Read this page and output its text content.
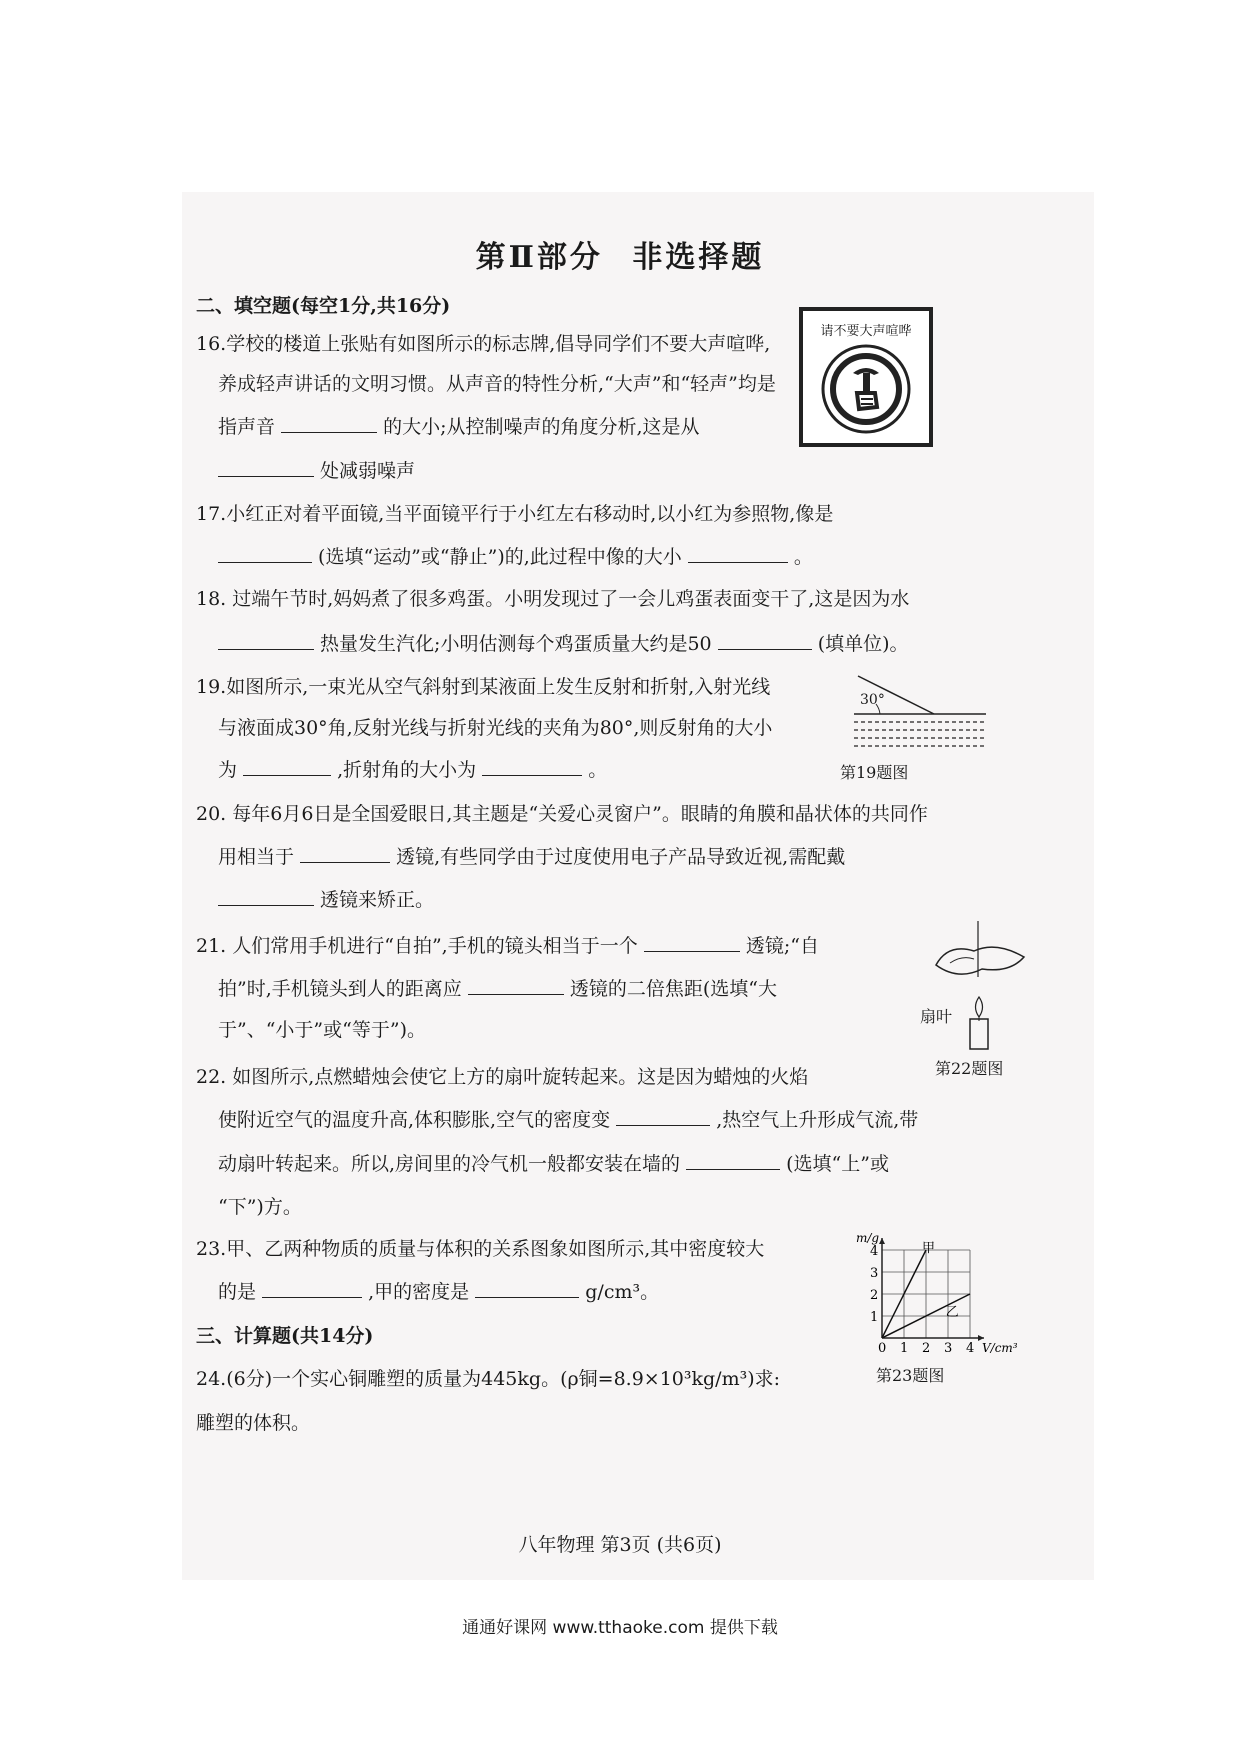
第Ⅱ部分 非选择题
二、填空题(每空1分,共16分)
16.学校的楼道上张贴有如图所示的标志牌,倡导同学们不要大声喧哗,
养成轻声讲话的文明习惯。从声音的特性分析,“大声”和“轻声”均是
指声音	的大小;从控制噪声的角度分析,这是从
处减弱噪声
请不要大声喧哗
17.小红正对着平面镜,当平面镜平行于小红左右移动时,以小红为参照物,像是
(选填“运动”或“静止”)的,此过程中像的大小	。
18. 过端午节时,妈妈煮了很多鸡蛋。小明发现过了一会儿鸡蛋表面变干了,这是因为水
热量发生汽化;小明估测每个鸡蛋质量大约是50	(填单位)。
19.如图所示,一束光从空气斜射到某液面上发生反射和折射,入射光线
与液面成30°角,反射光线与折射光线的夹角为80°,则反射角的大小
为	,折射角的大小为	。
30°
第19题图
20. 每年6月6日是全国爱眼日,其主题是“关爱心灵窗户”。眼睛的角膜和晶状体的共同作
用相当于	透镜,有些同学由于过度使用电子产品导致近视,需配戴
透镜来矫正。
21. 人们常用手机进行“自拍”,手机的镜头相当于一个	透镜;“自
拍”时,手机镜头到人的距离应	透镜的二倍焦距(选填“大
于”、“小于”或“等于”)。
扇叶
第22题图
22. 如图所示,点燃蜡烛会使它上方的扇叶旋转起来。这是因为蜡烛的火焰
使附近空气的温度升高,体积膨胀,空气的密度变	,热空气上升形成气流,带
动扇叶转起来。所以,房间里的冷气机一般都安装在墙的	(选填“上”或
“下”)方。
23.甲、乙两种物质的质量与体积的关系图象如图所示,其中密度较大
的是	,甲的密度是	g/cm³。
0 1 2 3 4
1
2
3
4
V/cm³
m/g
甲
乙
第23题图
三、计算题(共14分)
24.(6分)一个实心铜雕塑的质量为445kg。(ρ铜=8.9×10³kg/m³)求:
雕塑的体积。
八年物理 第3页 (共6页)
通通好课网 www.tthaoke.com 提供下载
